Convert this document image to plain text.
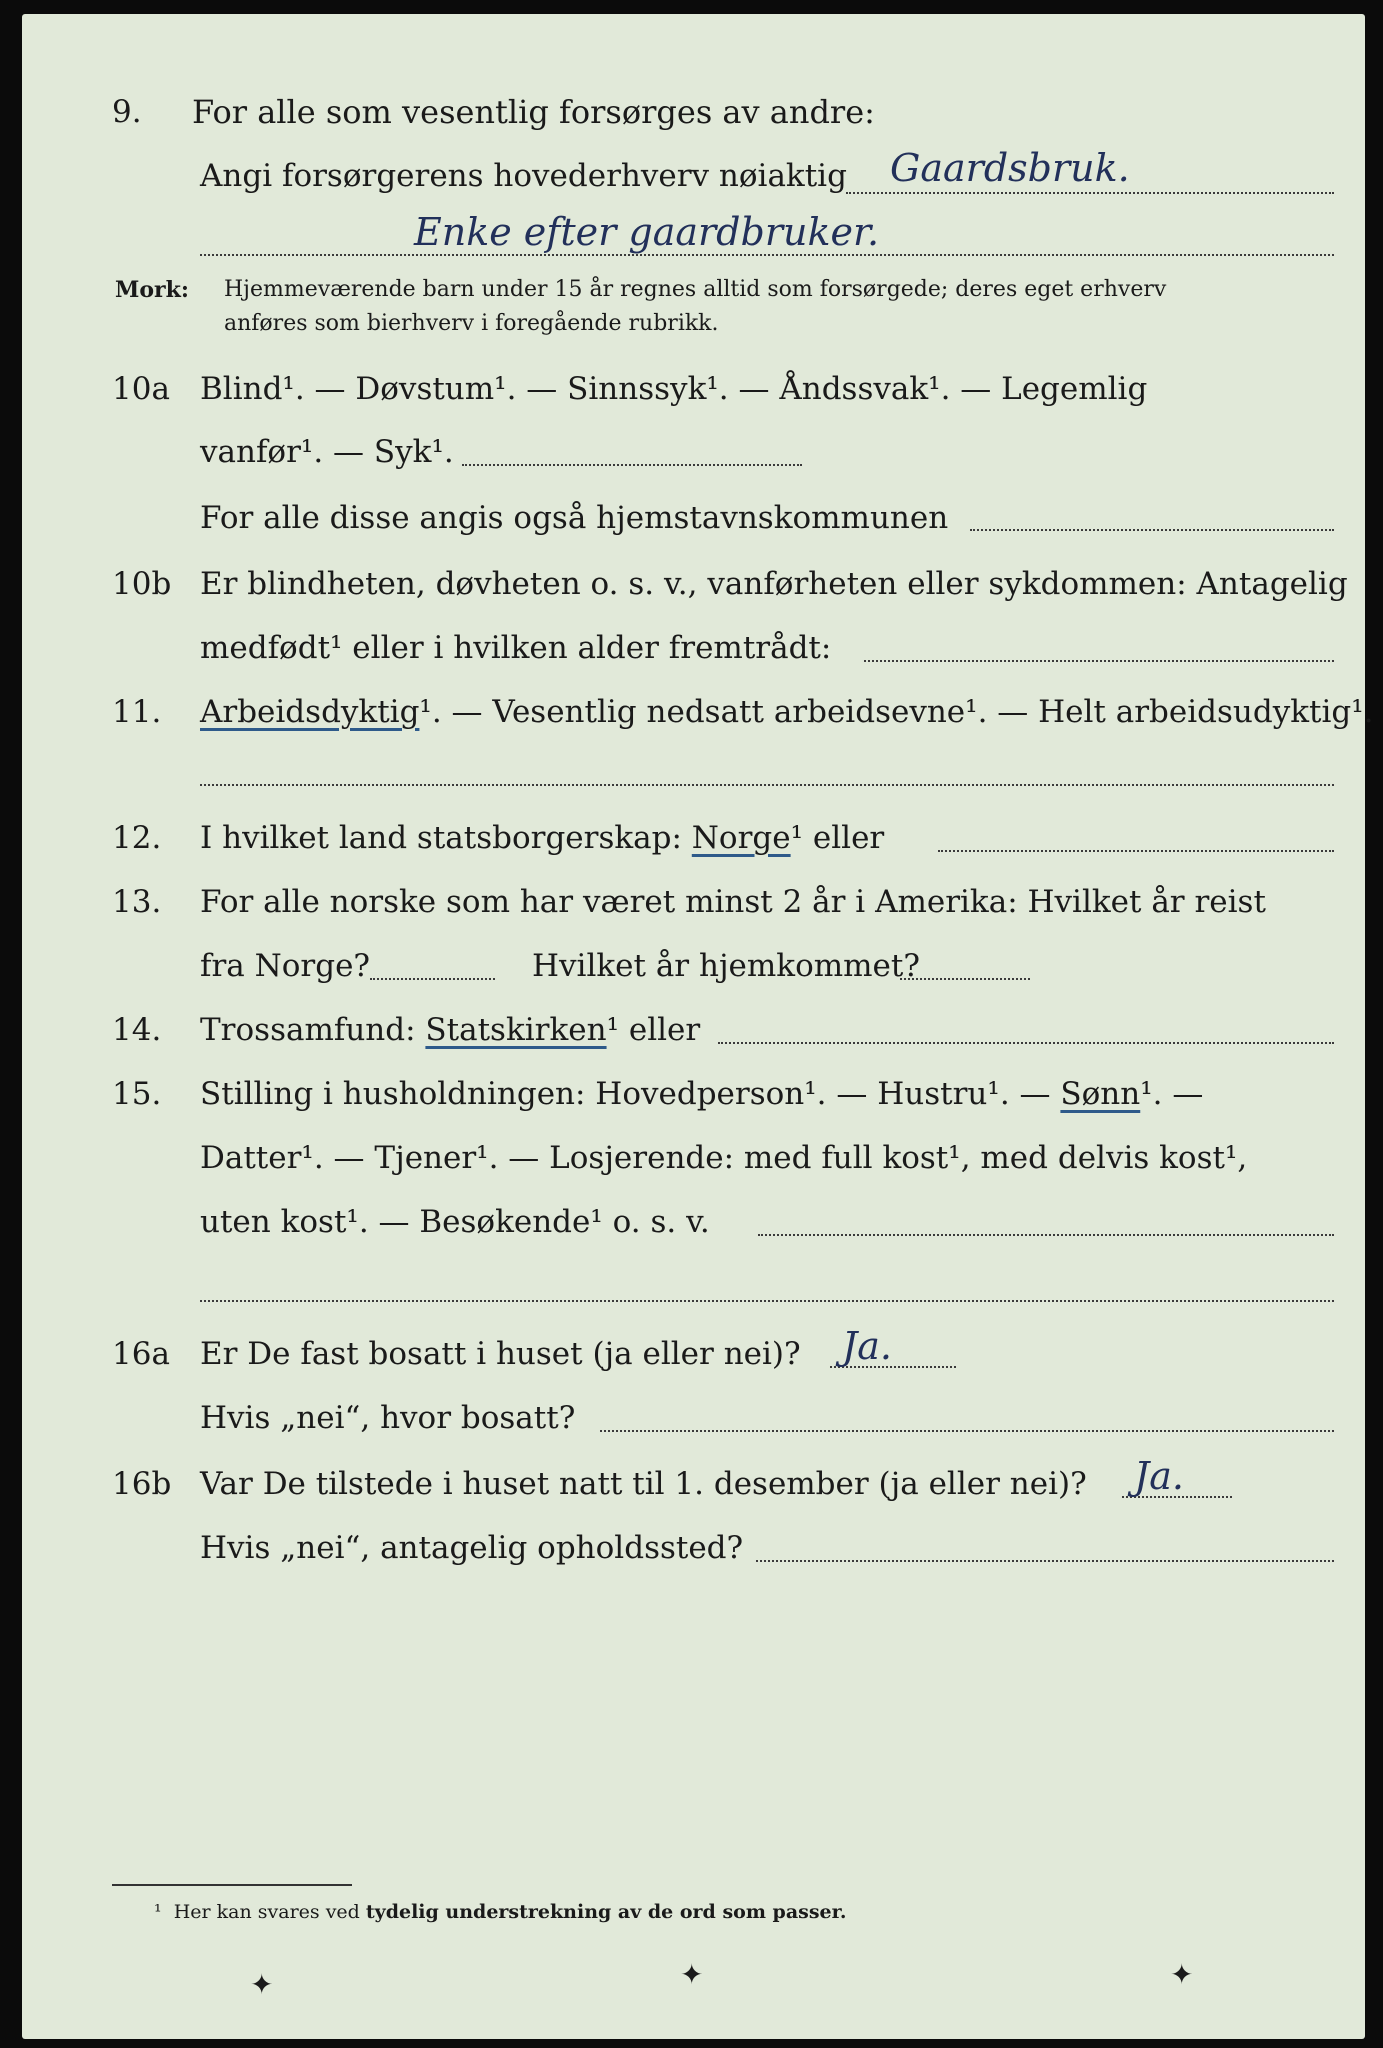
9. For alle som vesentlig forsørges av andre:
Angi forsørgerens hovederhverv nøiaktig Gaardsbruk.
Enke efter gaardbruker.
Mork: Hjemmeværende barn under 15 år regnes alltid som forsørgede; deres eget erhverv
anføres som bierhverv i foregående rubrikk.
10a Blind¹. — Døvstum¹. — Sinnssyk¹. — Åndssvak¹. — Legemlig
vanfør¹. — Syk¹.
For alle disse angis også hjemstavnskommunen
10b Er blindheten, døvheten o. s. v., vanførheten eller sykdommen: Antagelig
medfødt¹ eller i hvilken alder fremtrådt:
11. Arbeidsdyktig¹. — Vesentlig nedsatt arbeidsevne¹. — Helt arbeidsudyktig¹.
12. I hvilket land statsborgerskap: Norge¹ eller
13. For alle norske som har været minst 2 år i Amerika: Hvilket år reist
fra Norge?	Hvilket år hjemkommet?
14. Trossamfund: Statskirken¹ eller
15. Stilling i husholdningen: Hovedperson¹. — Hustru¹. — Sønn¹. —
Datter¹. — Tjener¹. — Losjerende: med full kost¹, med delvis kost¹,
uten kost¹. — Besøkende¹ o. s. v.
16a Er De fast bosatt i huset (ja eller nei)? Ja.
Hvis „nei“, hvor bosatt?
16b Var De tilstede i huset natt til 1. desember (ja eller nei)? Ja.
Hvis „nei“, antagelig opholdssted?
¹ Her kan svares ved tydelig understrekning av de ord som passer.
✦	✦	✦
